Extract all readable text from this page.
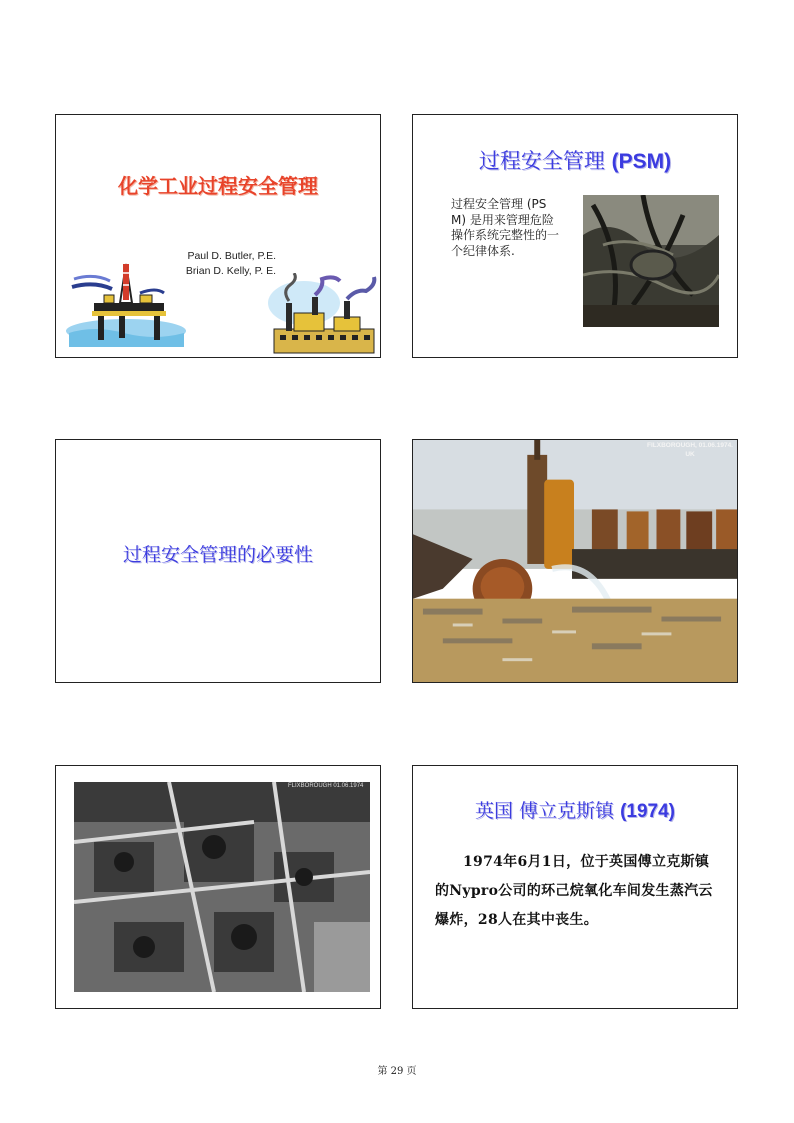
化学工业过程安全管理
Paul D. Butler, P.E.
Brian D. Kelly, P. E.
过程安全管理 (PSM)
过程安全管理 (PSM) 是用来管理危险操作系统完整性的一个纪律体系.
过程安全管理的必要性
FILXBOROUGH, 01.06.1974.
UK
FLIXBOROUGH 01.06.1974
英国 傅立克斯镇 (1974)
1974年6月1日，位于英国傅立克斯镇的Nypro公司的环己烷氧化车间发生蒸汽云爆炸，28人在其中丧生。
第 29 页
